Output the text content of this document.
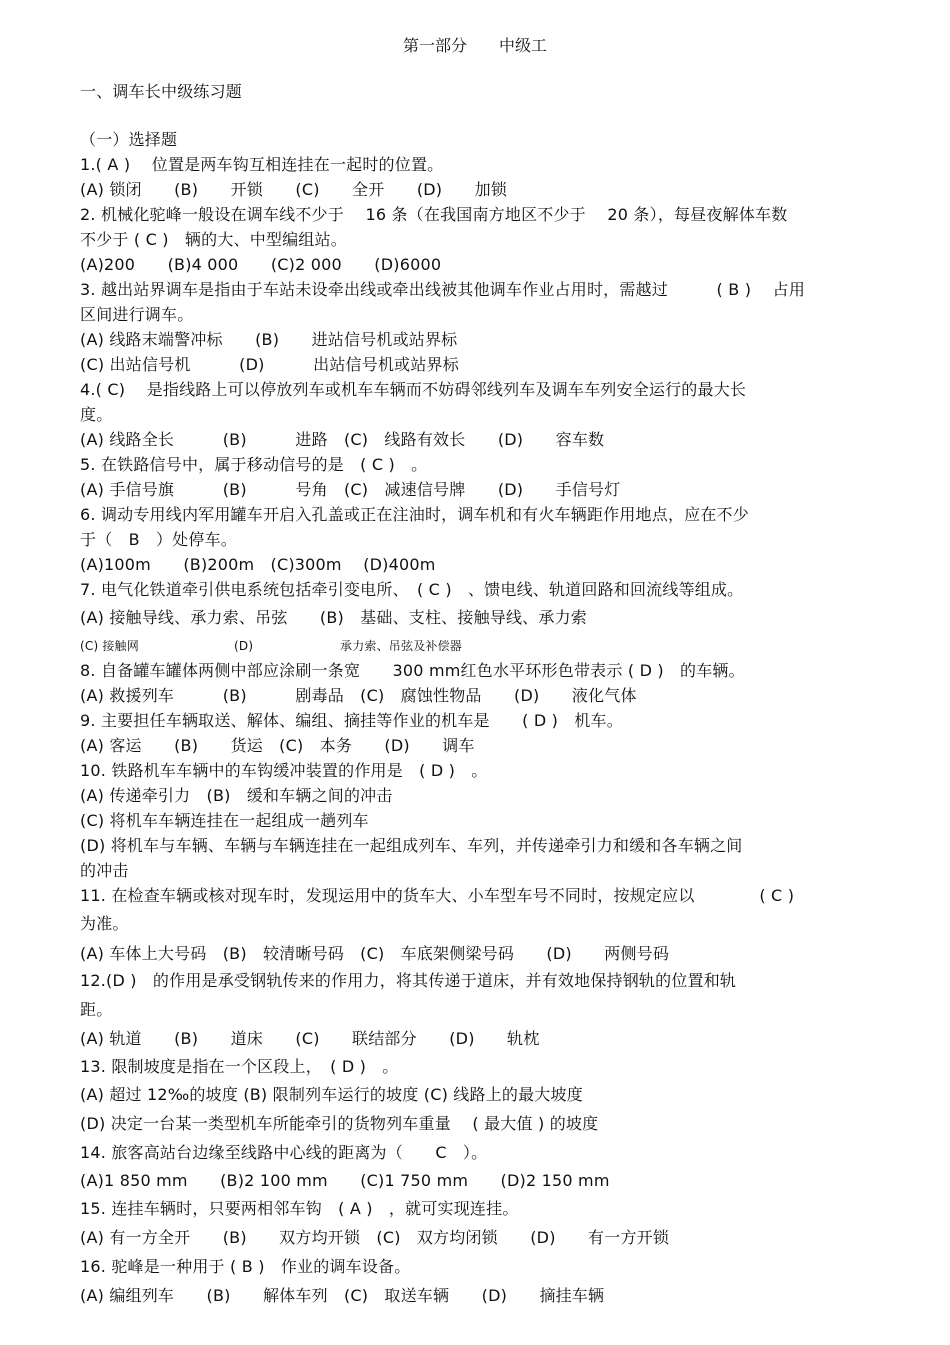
第一部分　　中级工
一、调车长中级练习题
（一）选择题
1.( A )　 位置是两车钩互相连挂在一起时的位置。
(A) 锁闭　　(B)　　开锁　　(C)　　全开　　(D)　　加锁
2. 机械化驼峰一般设在调车线不少于　 16 条（在我国南方地区不少于　 20 条），每昼夜解体车数
不少于 ( C )　辆的大、中型编组站。
(A)200　　(B)4 000　　(C)2 000　　(D)6000
3. 越出站界调车是指由于车站未设牵出线或牵出线被其他调车作业占用时，需越过　　　( B )　 占用
区间进行调车。
(A) 线路末端警冲标　　(B)　　进站信号机或站界标
(C) 出站信号机　　　(D)　　　出站信号机或站界标
4.( C)　 是指线路上可以停放列车或机车车辆而不妨碍邻线列车及调车车列安全运行的最大长
度。
(A) 线路全长　　　(B)　　　进路　(C)　线路有效长　　(D)　　容车数
5. 在铁路信号中，属于移动信号的是　( C )　。
(A) 手信号旗　　　(B)　　　号角　(C)　减速信号牌　　(D)　　手信号灯
6. 调动专用线内军用罐车开启入孔盖或正在注油时，调车机和有火车辆距作用地点，应在不少
于（　B　）处停车。
(A)100m　　(B)200m　(C)300m　 (D)400m
7. 电气化铁道牵引供电系统包括牵引变电所、　( C )　、馈电线、轨道回路和回流线等组成。
(A) 接触导线、承力索、吊弦　　(B)　基础、支柱、接触导线、承力索
(C) 接触网	(D)	承力索、吊弦及补偿器
8. 自备罐车罐体两侧中部应涂刷一条宽　　300 mm红色水平环形色带表示 ( D )　的车辆。
(A) 救援列车　　　(B)　　　剧毒品　(C)　腐蚀性物品　　(D)　　液化气体
9. 主要担任车辆取送、解体、编组、摘挂等作业的机车是　　( D )　机车。
(A) 客运　　(B)　　货运　(C)　本务　　(D)　　调车
10. 铁路机车车辆中的车钩缓冲装置的作用是　( D )　。
(A) 传递牵引力　(B)　缓和车辆之间的冲击
(C) 将机车车辆连挂在一起组成一趟列车
(D) 将机车与车辆、车辆与车辆连挂在一起组成列车、车列，并传递牵引力和缓和各车辆之间
的冲击
11. 在检查车辆或核对现车时，发现运用中的货车大、小车型车号不同时，按规定应以　　　　( C )
为准。
(A) 车体上大号码　(B)　较清晰号码　(C)　车底架侧梁号码　　(D)　　两侧号码
12.(D )　的作用是承受钢轨传来的作用力，将其传递于道床，并有效地保持钢轨的位置和轨
距。
(A) 轨道　　(B)　　道床　　(C)　　联结部分　　(D)　　轨枕
13. 限制坡度是指在一个区段上，　( D )　。
(A) 超过 12‰的坡度 (B) 限制列车运行的坡度 (C) 线路上的最大坡度
(D) 决定一台某一类型机车所能牵引的货物列车重量　 ( 最大值 ) 的坡度
14. 旅客高站台边缘至线路中心线的距离为（　　C　）。
(A)1 850 mm　　(B)2 100 mm　　(C)1 750 mm　　(D)2 150 mm
15. 连挂车辆时，只要两相邻车钩　( A )　，就可实现连挂。
(A) 有一方全开　　(B)　　双方均开锁　(C)　双方均闭锁　　(D)　　有一方开锁
16. 驼峰是一种用于 ( B )　作业的调车设备。
(A) 编组列车　　(B)　　解体车列　(C)　取送车辆　　(D)　　摘挂车辆
